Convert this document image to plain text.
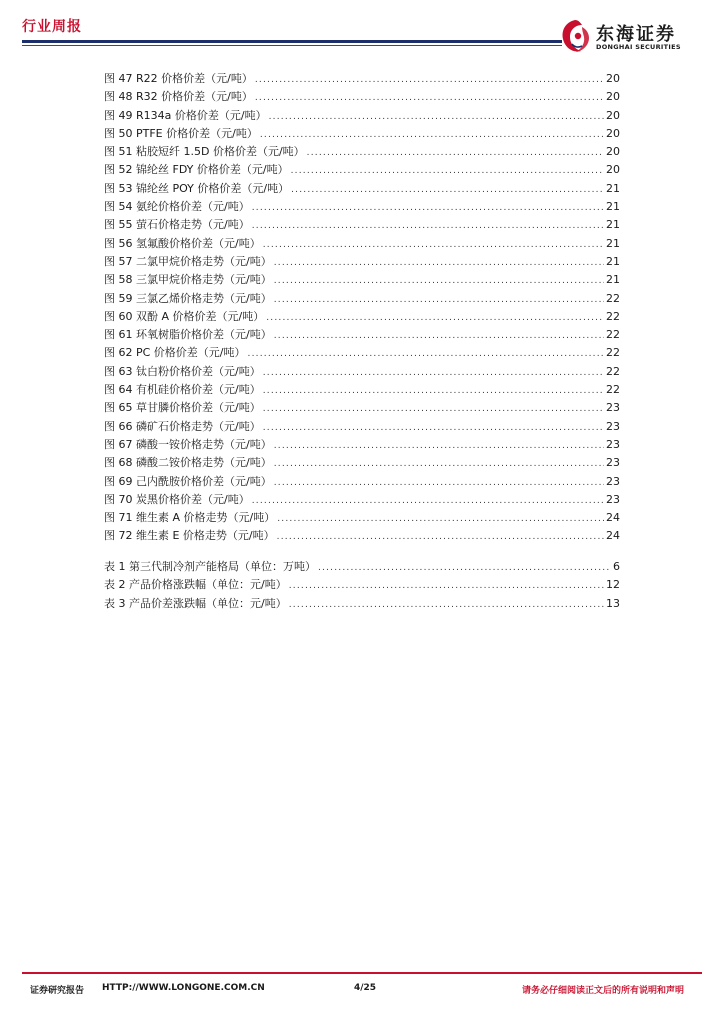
行业周报	东海证券
DONGHAI SECURITIES
图 47 R22 价格价差（元/吨） .....	20
图 48 R32 价格价差（元/吨） .....	20
图 49 R134a 价格价差（元/吨） .....	20
图 50 PTFE 价格价差（元/吨） .....	20
图 51 粘胶短纤 1.5D 价格价差（元/吨） .....	20
图 52 锦纶丝 FDY 价格价差（元/吨） .....	20
图 53 锦纶丝 POY 价格价差（元/吨） .....	21
图 54 氨纶价格价差（元/吨） .....	21
图 55 萤石价格走势（元/吨） .....	21
图 56 氢氟酸价格价差（元/吨） .....	21
图 57 二氯甲烷价格走势（元/吨） .....	21
图 58 三氯甲烷价格走势（元/吨） .....	21
图 59 三氯乙烯价格走势（元/吨） .....	22
图 60 双酚 A 价格价差（元/吨） .....	22
图 61 环氧树脂价格价差（元/吨） .....	22
图 62 PC 价格价差（元/吨） .....	22
图 63 钛白粉价格价差（元/吨） .....	22
图 64 有机硅价格价差（元/吨） .....	22
图 65 草甘膦价格价差（元/吨） .....	23
图 66 磷矿石价格走势（元/吨） .....	23
图 67 磷酸一铵价格走势（元/吨） .....	23
图 68 磷酸二铵价格走势（元/吨） .....	23
图 69 己内酰胺价格价差（元/吨） .....	23
图 70 炭黑价格价差（元/吨） .....	23
图 71 维生素 A 价格走势（元/吨） .....	24
图 72 维生素 E 价格走势（元/吨） .....	24
表 1 第三代制冷剂产能格局（单位：万吨） .....	6
表 2 产品价格涨跌幅（单位：元/吨） .....	12
表 3 产品价差涨跌幅（单位：元/吨） .....	13
证券研究报告 HTTP://WWW.LONGONE.COM.CN	4/25	请务必仔细阅读正文后的所有说明和声明
